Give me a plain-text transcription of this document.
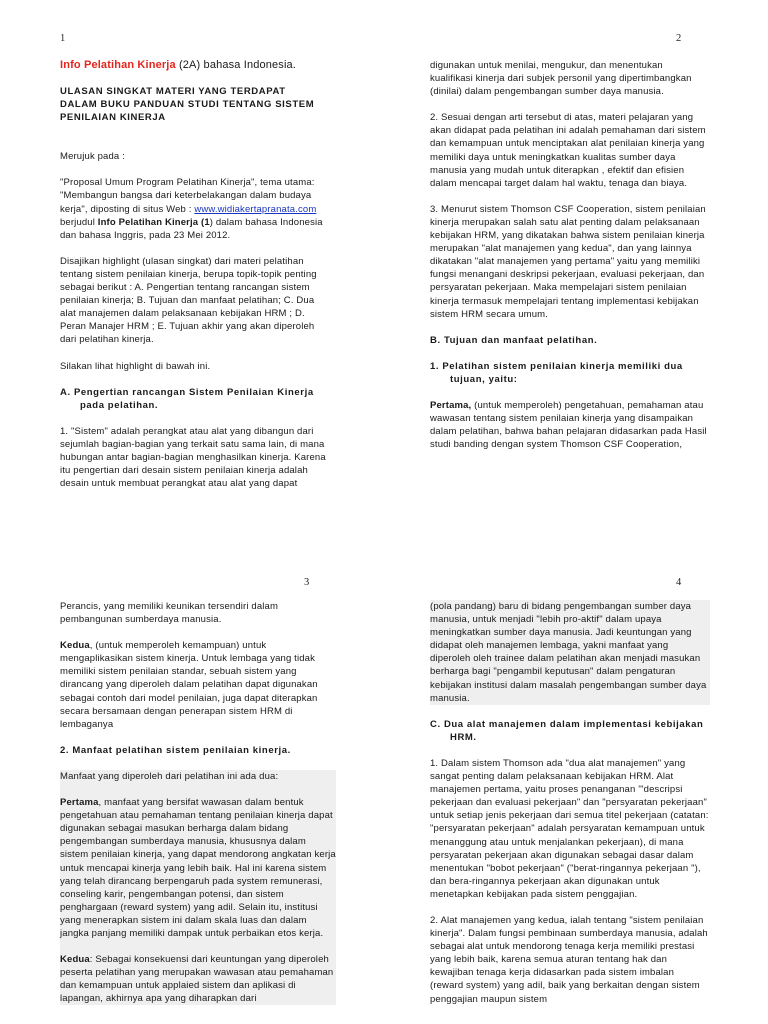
1

Info Pelatihan Kinerja (2A) bahasa Indonesia.

ULASAN SINGKAT MATERI YANG TERDAPAT

DALAM BUKU PANDUAN STUDI TENTANG SISTEM PENILAIAN KINERJA

Merujuk pada :

"Proposal Umum Program Pelatihan Kinerja", tema utama: "Membangun bangsa dari keterbelakangan dalam budaya kerja", diposting di situs Web : www.widiakertapranata.com berjudul Info Pelatihan Kinerja (1) dalam bahasa Indonesia dan bahasa Inggris, pada 23 Mei 2012.

Disajikan highlight (ulasan singkat) dari materi pelatihan tentang sistem penilaian kinerja, berupa topik-topik penting sebagai berikut : A. Pengertian tentang rancangan sistem penilaian kinerja; B. Tujuan dan manfaat pelatihan; C. Dua alat manajemen dalam pelaksanaan kebijakan HRM ; D. Peran Manajer HRM ; E. Tujuan akhir yang akan diperoleh dari pelatihan kinerja.

Silakan lihat highlight di bawah ini.

A. Pengertian rancangan Sistem Penilaian Kinerja pada pelatihan.

1. "Sistem" adalah perangkat atau alat yang dibangun dari sejumlah bagian-bagian yang terkait satu sama lain, di mana hubungan antar bagian-bagian menghasilkan kinerja. Karena itu pengertian dari desain sistem penilaian kinerja adalah desain untuk membuat perangkat atau alat yang dapat

2

digunakan untuk menilai, mengukur, dan menentukan kualifikasi kinerja dari subjek personil yang dipertimbangkan (dinilai) dalam pengembangan sumber daya manusia.

2. Sesuai dengan arti tersebut di atas, materi pelajaran yang akan didapat pada pelatihan ini adalah pemahaman dari sistem dan kemampuan untuk menciptakan alat penilaian kinerja yang memiliki daya untuk meningkatkan kualitas sumber daya manusia yang mudah untuk diterapkan , efektif dan efisien dalam mencapai target dalam hal waktu, tenaga dan biaya.

3. Menurut sistem Thomson CSF Cooperation, sistem penilaian kinerja merupakan salah satu alat penting dalam pelaksanaan kebijakan HRM, yang dikatakan bahwa sistem penilaian kinerja merupakan "alat manajemen yang kedua", dan yang lainnya dikatakan "alat manajemen yang pertama" yaitu yang memiliki fungsi menangani deskripsi pekerjaan, evaluasi pekerjaan, dan persyaratan pekerjaan. Maka mempelajari sistem penilaian kinerja termasuk mempelajari tentang implementasi kebijakan sistem HRM secara umum.

B. Tujuan dan manfaat pelatihan.

1. Pelatihan sistem penilaian kinerja memiliki dua tujuan, yaitu:

Pertama, (untuk memperoleh) pengetahuan, pemahaman atau wawasan tentang sistem penilaian kinerja yang disampaikan

dalam pelatihan, bahwa bahan pelajaran didasarkan pada Hasil studi banding dengan system Thomson CSF Cooperation,

3

Perancis, yang memiliki keunikan tersendiri dalam pembangunan sumberdaya manusia.

Kedua, (untuk memperoleh kemampuan) untuk mengaplikasikan sistem kinerja. Untuk lembaga yang tidak memiliki sistem penilaian standar, sebuah sistem yang dirancang yang diperoleh dalam pelatihan dapat digunakan sebagai contoh dari model penilaian, juga dapat diterapkan secara bersamaan dengan penerapan sistem HRM di lembaganya

2. Manfaat pelatihan sistem penilaian kinerja.

Manfaat yang diperoleh dari pelatihan ini ada dua:

Pertama, manfaat yang bersifat wawasan dalam bentuk pengetahuan atau pemahaman tentang penilaian kinerja dapat digunakan sebagai masukan berharga dalam bidang pengembangan sumberdaya manusia, khususnya dalam sistem penilaian kinerja, yang dapat mendorong angkatan kerja untuk mencapai kinerja yang lebih baik. Hal ini karena sistem yang telah dirancang berpengaruh pada system remunerasi, conseling karir, pengembangan potensi, dan sistem penghargaan (reward system) yang adil. Selain itu, institusi yang menerapkan sistem ini dalam skala luas dan dalam jangka panjang memiliki dampak untuk perbaikan etos kerja.

Kedua: Sebagai konsekuensi dari keuntungan yang diperoleh peserta pelatihan yang merupakan wawasan atau pemahaman dan kemampuan untuk applaied sistem dan aplikasi di lapangan, akhirnya apa yang diharapkan dari

4

(pola pandang) baru di bidang pengembangan sumber daya manusia, untuk menjadi "lebih pro-aktif" dalam upaya meningkatkan sumber daya manusia. Jadi keuntungan yang didapat oleh manajemen lembaga, yakni manfaat yang diperoleh oleh trainee dalam pelatihan akan menjadi masukan berharga bagi "pengambil keputusan" dalam pengaturan kebijakan institusi dalam masalah pengembangan sumber daya manusia.

C. Dua alat manajemen dalam implementasi kebijakan HRM.

1. Dalam sistem Thomson ada "dua alat manajemen" yang sangat penting dalam pelaksanaan kebijakan HRM. Alat manajemen pertama, yaitu proses penanganan '"descripsi pekerjaan dan evaluasi pekerjaan" dan "persyaratan pekerjaan" untuk setiap jenis pekerjaan dari semua titel pekerjaan (catatan: "persyaratan pekerjaan" adalah persyaratan kemampuan untuk menanggung atau untuk menjalankan pekerjaan), di mana persyaratan pekerjaan akan digunakan sebagai dasar dalam menentukan "bobot pekerjaan" ("berat-ringannya pekerjaan "), dan bera-ringannya pekerjaan akan digunakan untuk menetapkan kebijakan pada sistem penggajian.

2. Alat manajemen yang kedua, ialah tentang "sistem penilaian kinerja". Dalam fungsi pembinaan sumberdaya manusia, adalah sebagai alat untuk mendorong tenaga kerja memiliki prestasi yang lebih baik, karena semua aturan tentang hak dan kewajiban tenaga kerja didasarkan pada sistem imbalan (reward system) yang adil, baik yang berkaitan dengan sistem penggajian maupun sistem
